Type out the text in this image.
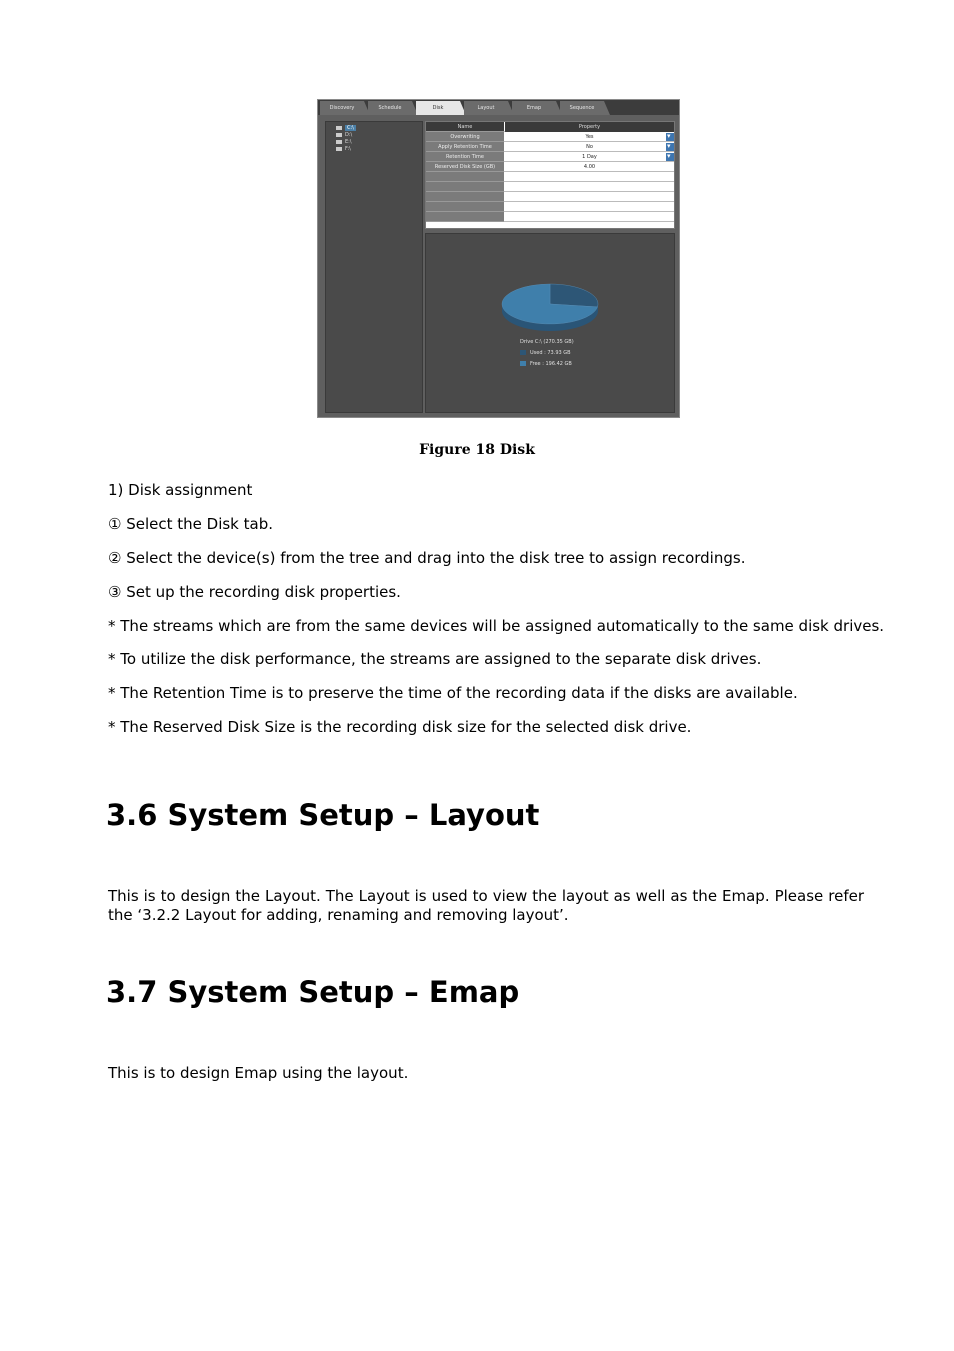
Discovery	Schedule	Disk	Layout	Emap	Sequence
C:\
D:\
E:\
F:\
Name	Property
Overwriting	Yes
▾
Apply Retention Time	No
▾
Retention Time	1 Day
▾
Reserved Disk Size (GB)	4.00
Drive C:\ (270.35 GB)
Used : 73.93 GB
Free : 196.42 GB
Figure 18 Disk
1) Disk assignment
① Select the Disk tab.
② Select the device(s) from the tree and drag into the disk tree to assign recordings.
③ Set up the recording disk properties.
* The streams which are from the same devices will be assigned automatically to the same disk drives.
* To utilize the disk performance, the streams are assigned to the separate disk drives.
* The Retention Time is to preserve the time of the recording data if the disks are available.
* The Reserved Disk Size is the recording disk size for the selected disk drive.
3.6 System Setup – Layout
This is to design the Layout. The Layout is used to view the layout as well as the Emap. Please refer the ‘3.2.2 Layout for adding, renaming and removing layout’.
3.7 System Setup – Emap
This is to design Emap using the layout.
